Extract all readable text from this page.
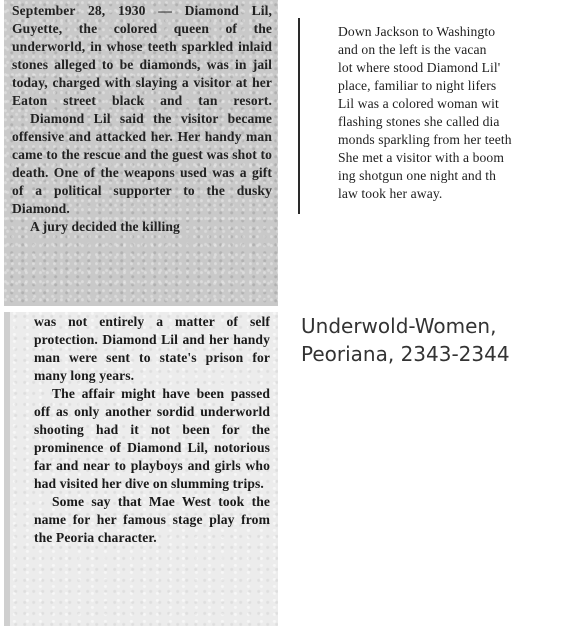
September 28, 1930 — Diamond Lil, Guyette, the colored queen of the underworld, in whose teeth sparkled inlaid stones alleged to be diamonds, was in jail today, charged with slaying a visitor at her Eaton street black and tan resort.

Diamond Lil said the visitor became offensive and attacked her. Her handy man came to the rescue and the guest was shot to death. One of the weapons used was a gift of a political supporter to the dusky Diamond.

A jury decided the killing

Down Jackson to Washingto

and on the left is the vacan

lot where stood Diamond Lil'

place, familiar to night lifers

Lil was a colored woman wit

flashing stones she called dia

monds sparkling from her teeth

She met a visitor with a boom

ing shotgun one night and th

law took her away.

was not entirely a matter of self protection. Diamond Lil and her handy man were sent to state's prison for many long years.

The affair might have been passed off as only another sordid underworld shooting had it not been for the prominence of Diamond Lil, notorious far and near to playboys and girls who had visited her dive on slumming trips.

Some say that Mae West took the name for her famous stage play from the Peoria character.

Underwold-Women,
Peoriana, 2343-2344
